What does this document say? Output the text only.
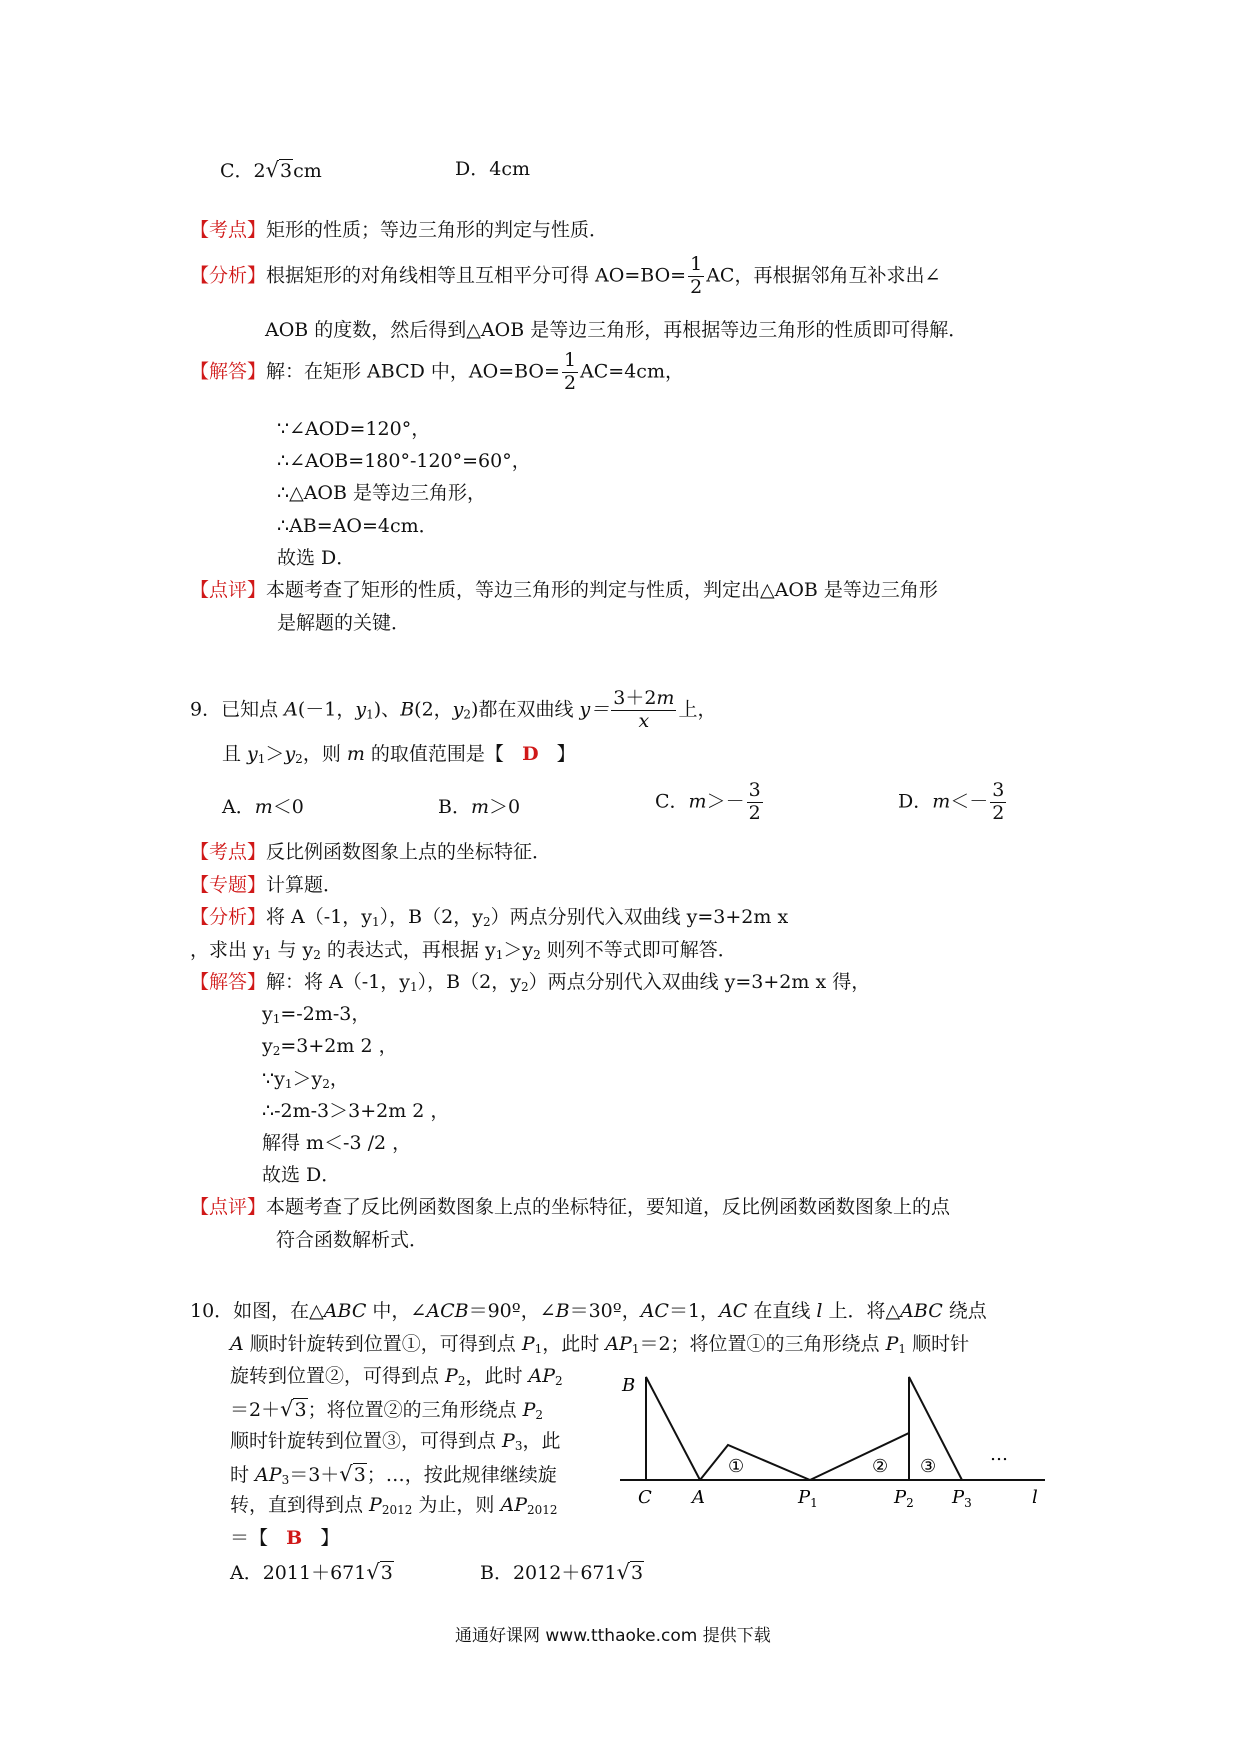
C．2√3cm	D．4cm
【考点】矩形的性质；等边三角形的判定与性质．
【分析】根据矩形的对角线相等且互相平分可得 $AO=BO= \frac{1}{2}$ AC，再根据邻角互补求出∠
AOB 的度数，然后得到△AOB 是等边三角形，再根据等边三角形的性质即可得解．
【解答】解：在矩形 ABCD 中，$AO=BO= \frac{1}{2} AC=4cm$，
∵∠AOD=120°，
∴∠AOB=180°-120°=60°，
∴△AOB 是等边三角形，
∴AB=AO=4cm．
故选 D．
【点评】本题考查了矩形的性质，等边三角形的判定与性质，判定出△AOB 是等边三角形
是解题的关键．
9．已知点 A(－1，$y_1$)、B(2，$y_2$)都在双曲线 $y= \frac{3+2m}{x}$ 上，
且 $y_1>y_2$，则 m 的取值范围是【 D 】
A．m＜0	B．m＞0	C．$m>- \frac{3}{2}$	D．$m<- \frac{3}{2}$
【考点】反比例函数图象上点的坐标特征．
【专题】计算题．
【分析】将 A（-1，$y_1$），B（2，$y_2$）两点分别代入双曲线 y=3+2m x
，求出 $y_1$ 与 $y_2$ 的表达式，再根据 $y_1>y_2$ 则列不等式即可解答．
【解答】解：将 A（-1，$y_1$），B（2，$y_2$）两点分别代入双曲线 y=3+2m x 得，
$y_1=-2m-3$，
$y_2=3+2m$ 2 ，
$\because y_1>y_2$，
∴-2m-3＞3+2m 2 ，
解得 m＜-3 /2 ，
故选 D．
【点评】本题考查了反比例函数图象上点的坐标特征，要知道，反比例函数函数图象上的点
符合函数解析式．
10．如图，在△ABC 中，∠ACB＝90º，∠B＝30º，AC＝1，AC 在直线 l 上．将△ABC 绕点
A 顺时针旋转到位置①，可得到点 $P_1$，此时 $AP_1=2$；将位置①的三角形绕点 $P_1$ 顺时针
旋转到位置②，可得到点 $P_2$，此时 $AP_2$
＝2＋√3；将位置②的三角形绕点 $P_2$
顺时针旋转到位置③，可得到点 $P_3$，此
时 $AP_3=3+√3$；…，按此规律继续旋
转，直到得到点 $P_{2012}$ 为止，则 $AP_{2012}$
＝【 B 】
A．2011＋671√3	B．2012＋671√3
B
C A	$P_1$	$P_2$ $P_3$	l
①	② ③
…
通通好课网 www.tthaoke.com 提供下载
